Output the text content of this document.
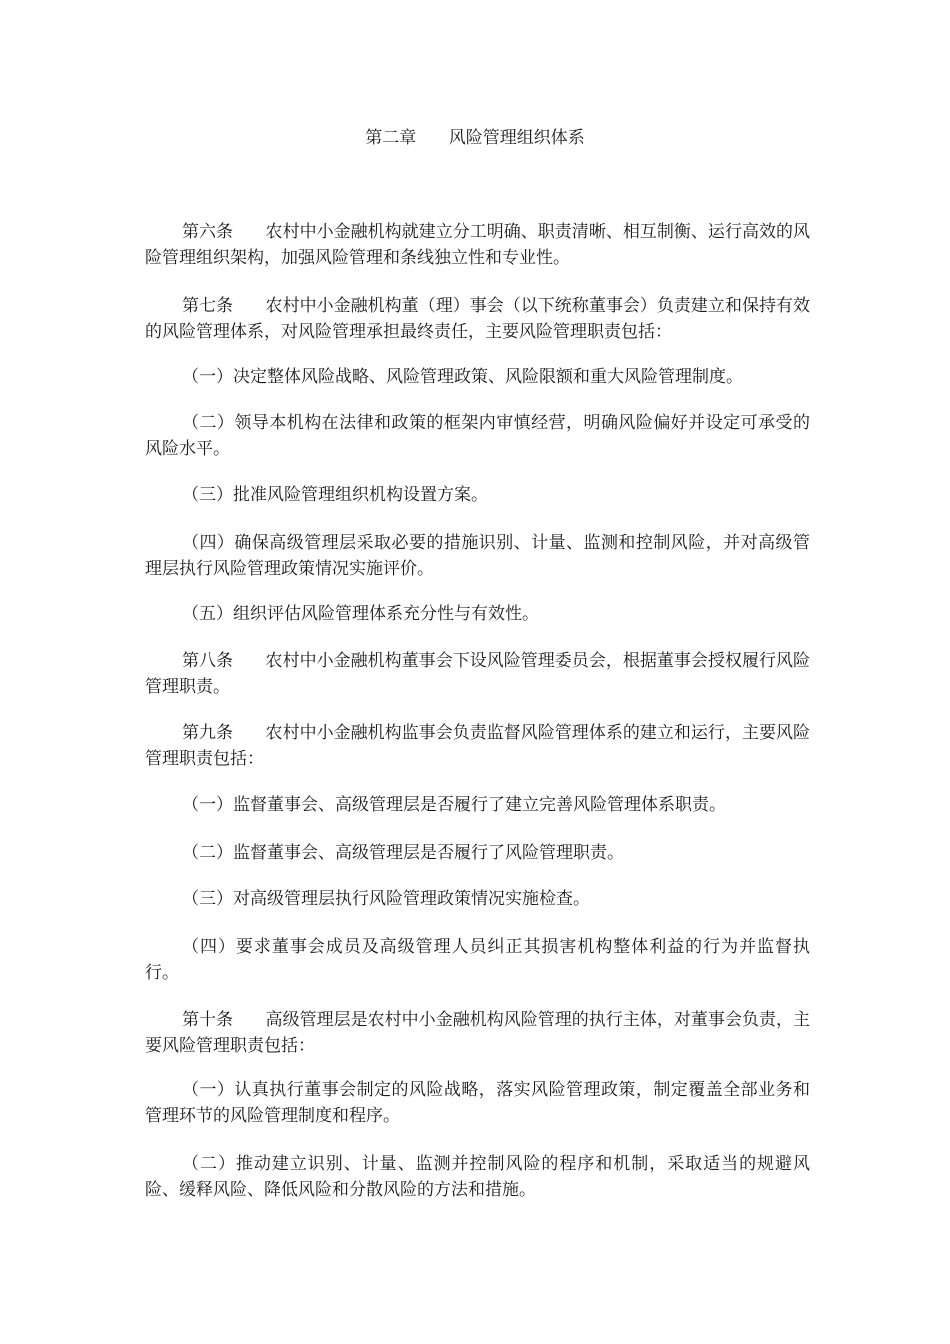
第二章      风险管理组织体系

第六条      农村中小金融机构就建立分工明确、职责清晰、相互制衡、运行高效的风险管理组织架构，加强风险管理和条线独立性和专业性。

第七条      农村中小金融机构董（理）事会（以下统称董事会）负责建立和保持有效的风险管理体系，对风险管理承担最终责任，主要风险管理职责包括：

（一）决定整体风险战略、风险管理政策、风险限额和重大风险管理制度。

（二）领导本机构在法律和政策的框架内审慎经营，明确风险偏好并设定可承受的风险水平。

（三）批准风险管理组织机构设置方案。

（四）确保高级管理层采取必要的措施识别、计量、监测和控制风险，并对高级管理层执行风险管理政策情况实施评价。

（五）组织评估风险管理体系充分性与有效性。

第八条      农村中小金融机构董事会下设风险管理委员会，根据董事会授权履行风险管理职责。

第九条      农村中小金融机构监事会负责监督风险管理体系的建立和运行，主要风险管理职责包括：

（一）监督董事会、高级管理层是否履行了建立完善风险管理体系职责。

（二）监督董事会、高级管理层是否履行了风险管理职责。

（三）对高级管理层执行风险管理政策情况实施检查。

（四）要求董事会成员及高级管理人员纠正其损害机构整体利益的行为并监督执行。

第十条      高级管理层是农村中小金融机构风险管理的执行主体，对董事会负责，主要风险管理职责包括：

（一）认真执行董事会制定的风险战略，落实风险管理政策，制定覆盖全部业务和管理环节的风险管理制度和程序。

（二）推动建立识别、计量、监测并控制风险的程序和机制，采取适当的规避风险、缓释风险、降低风险和分散风险的方法和措施。
